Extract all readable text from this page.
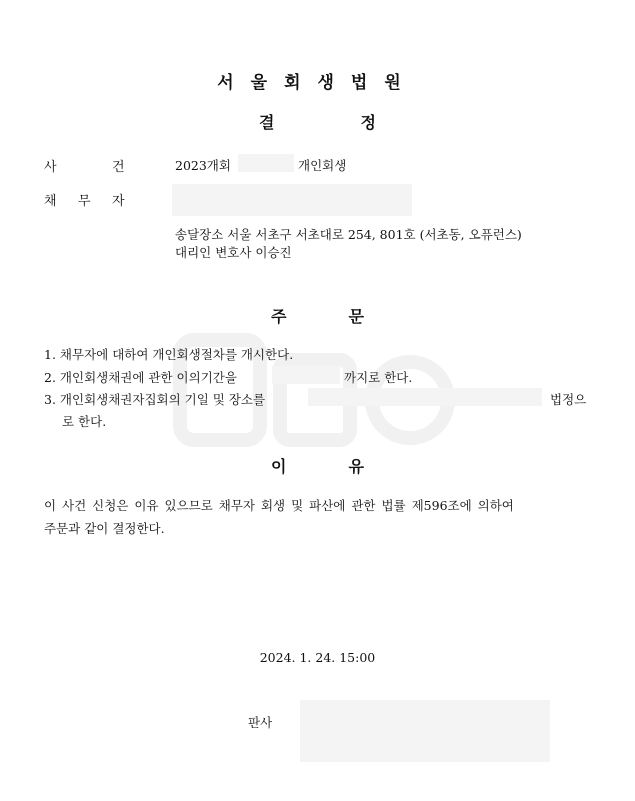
서울회생법원
결	정
사	건	2023개회	개인회생
채 무 자
송달장소 서울 서초구 서초대로 254, 801호 (서초동, 오퓨런스)
대리인 변호사 이승진
주	문
1. 채무자에 대하여 개인회생절차를 개시한다.
2. 개인회생채권에 관한 이의기간을	까지로 한다.
3. 개인회생채권자집회의 기일 및 장소를	법정으
로 한다.
이	유
이 사건 신청은 이유 있으므로 채무자 회생 및 파산에 관한 법률 제596조에 의하여
주문과 같이 결정한다.
2024. 1. 24. 15:00
판사
